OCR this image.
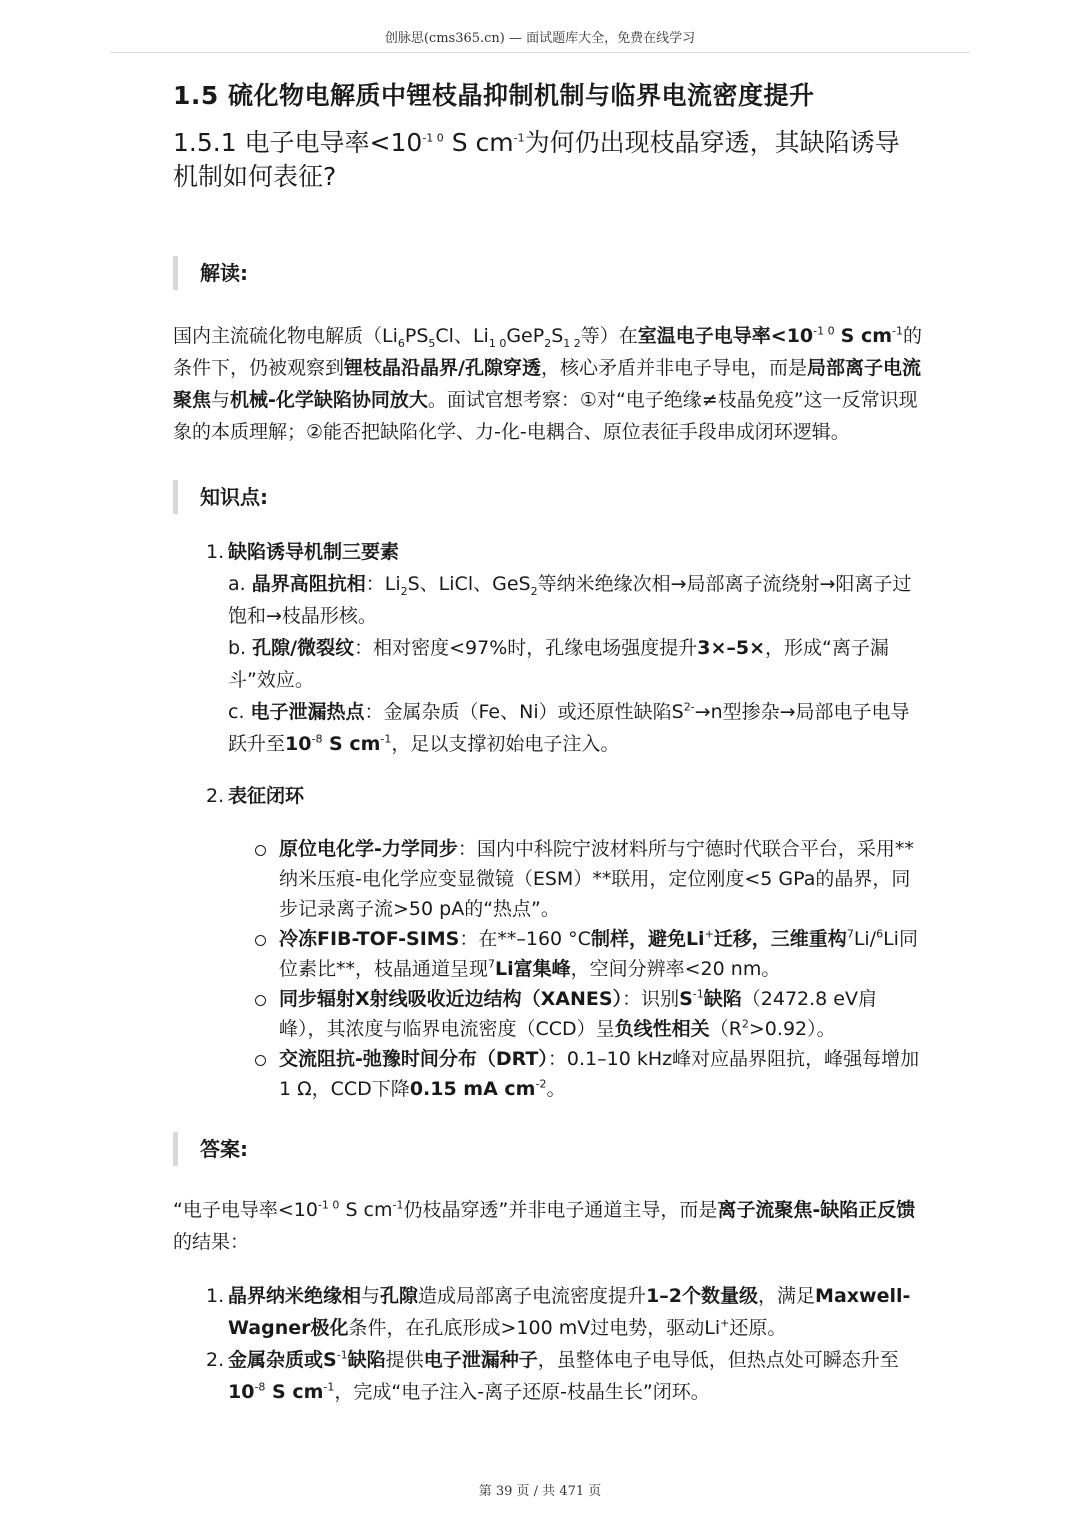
创脉思(cms365.cn) — 面试题库大全，免费在线学习
1.5 硫化物电解质中锂枝晶抑制机制与临界电流密度提升
1.5.1 电子电导率$<10^{-1 0}$ S $cm^{-1}$为何仍出现枝晶穿透，其缺陷诱导机制如何表征?
解读:

国内主流硫化物电解质（$Li_6PS_5Cl$、$Li_{1 0}GeP_2S_{1 2}$等）在室温电子电导率$<10^{-1 0}$ S $cm^{-1}$的条件下，仍被观察到锂枝晶沿晶界/孔隙穿透，核心矛盾并非电子导电，而是局部离子电流聚焦与机械-化学缺陷协同放大。面试官想考察：①对“电子绝缘≠枝晶免疫”这一反常识现象的本质理解；②能否把缺陷化学、力-化-电耦合、原位表征手段串成闭环逻辑。

知识点:
1. 缺陷诱导机制三要素
a. 晶界高阻抗相：$Li_2S$、LiCl、GeS$_2$等纳米绝缘次相→局部离子流绕射→阳离子过饱和→枝晶形核。
b. 孔隙/微裂纹：相对密度<97%时，孔缘电场强度提升3×–5×，形成“离子漏斗”效应。
c. 电子泄漏热点：金属杂质（Fe、Ni）或还原性缺陷$S^{2-}\to n$型掺杂→局部电子电导跃升至$10^{-8}$ S $cm^{-1}$，足以支撑初始电子注入。
2. 表征闭环
原位电化学-力学同步：国内中科院宁波材料所与宁德时代联合平台，采用**纳米压痕-电化学应变显微镜（ESM）**联用，定位刚度<5 GPa的晶界，同步记录离子流>50 pA的“热点”。
冷冻FIB-TOF-SIMS：在**–160 °C制样，避免Li+迁移，三维重构$^7$Li/$^6$Li同位素比**，枝晶通道呈现$^7$Li富集峰，空间分辨率<20 nm。
同步辐射X射线吸收近边结构（XANES）：识别$S^{-1}$缺陷（2472.8 eV肩峰），其浓度与临界电流密度（CCD）呈负线性相关$(R^2>0.92)$。
交流阻抗-弛豫时间分布（DRT）：0.1–10 kHz峰对应晶界阻抗，峰强每增加1 Ω，CCD下降0.15 mA $cm^{-2}$。
答案:

“电子电导率$<10^{-1 0}$ S $cm^{-1}$仍枝晶穿透”并非电子通道主导，而是离子流聚焦-缺陷正反馈的结果：

1. 晶界纳米绝缘相与孔隙造成局部离子电流密度提升1–2个数量级，满足Maxwell-Wagner极化条件，在孔底形成>100 mV过电势，驱动Li+还原。
2. 金属杂质或$S^{-1}$缺陷提供电子泄漏种子，虽整体电子电导低，但热点处可瞬态升至$10^{-8}$ S $cm^{-1}$，完成“电子注入-离子还原-枝晶生长”闭环。
第 39 页 / 共 471 页
